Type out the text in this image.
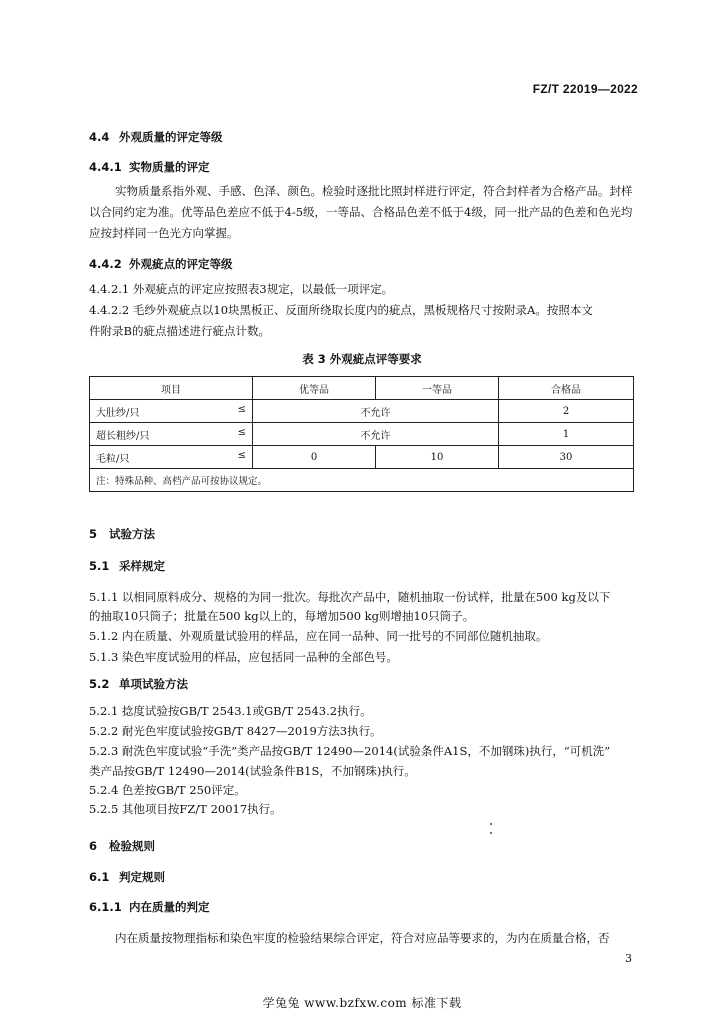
FZ/T 22019—2022
4.4 外观质量的评定等级
4.4.1 实物质量的评定
实物质量系指外观、手感、色泽、颜色。检验时逐批比照封样进行评定，符合封样者为合格产品。封样以合同约定为准。优等品色差应不低于4-5级，一等品、合格品色差不低于4级，同一批产品的色差和色光均应按封样同一色光方向掌握。
4.4.2 外观疵点的评定等级
4.4.2.1 外观疵点的评定应按照表3规定，以最低一项评定。
4.4.2.2 毛纱外观疵点以10块黑板正、反面所绕取长度内的疵点，黑板规格尺寸按附录A。按照本文
件附录B的疵点描述进行疵点计数。
表 3 外观疵点评等要求
项目	优等品	一等品	合格品

大肚纱/只 ≤	不允许		2

超长粗纱/只 ≤	不允许		1

毛粒/只 ≤	0	10	30
注：特殊品种、高档产品可按协议规定。			
5 试验方法
5.1 采样规定
5.1.1 以相同原料成分、规格的为同一批次。每批次产品中，随机抽取一份试样，批量在500 kg及以下
的抽取10只筒子；批量在500 kg以上的，每增加500 kg则增抽10只筒子。
5.1.2 内在质量、外观质量试验用的样品，应在同一品种、同一批号的不同部位随机抽取。
5.1.3 染色牢度试验用的样品，应包括同一品种的全部色号。
5.2 单项试验方法
5.2.1 捻度试验按GB/T 2543.1或GB/T 2543.2执行。
5.2.2 耐光色牢度试验按GB/T 8427—2019方法3执行。
5.2.3 耐洗色牢度试验“手洗”类产品按GB/T 12490—2014(试验条件A1S，不加钢珠)执行，“可机洗”
类产品按GB/T 12490—2014(试验条件B1S，不加钢珠)执行。
5.2.4 色差按GB/T 250评定。
5.2.5 其他项目按FZ/T 20017执行。
6 检验规则
6.1 判定规则
6.1.1 内在质量的判定
内在质量按物理指标和染色牢度的检验结果综合评定，符合对应品等要求的，为内在质量合格，否
3
学兔兔 www.bzfxw.com 标准下载
